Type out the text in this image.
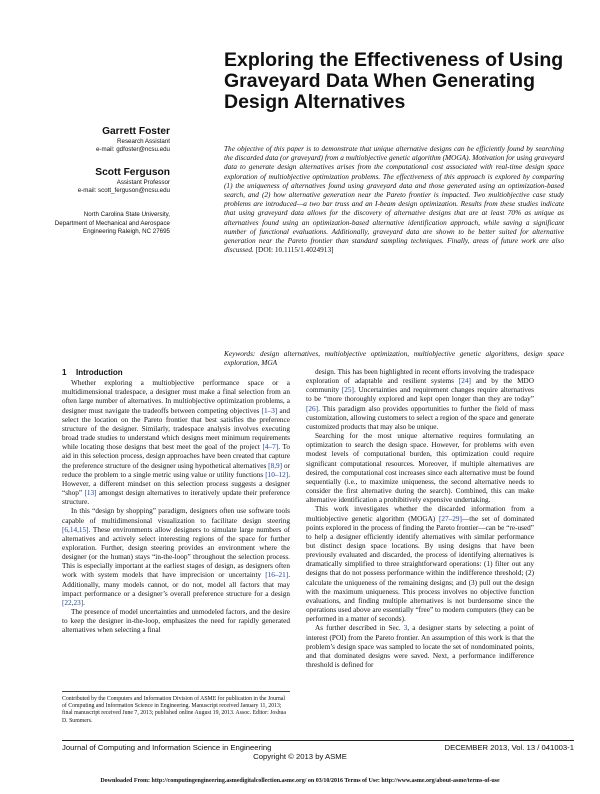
Exploring the Effectiveness of Using Graveyard Data When Generating Design Alternatives
Garrett Foster
Research Assistant
e-mail: gdfoster@ncsu.edu
Scott Ferguson
Assistant Professor
e-mail: scott_ferguson@ncsu.edu
North Carolina State University,
Department of Mechanical and Aerospace
Engineering Raleigh, NC 27695

The objective of this paper is to demonstrate that unique alternative designs can be efficiently found by searching the discarded data (or graveyard) from a multiobjective genetic algorithm (MOGA). Motivation for using graveyard data to generate design alternatives arises from the computational cost associated with real-time design space exploration of multiobjective optimization problems. The effectiveness of this approach is explored by comparing (1) the uniqueness of alternatives found using graveyard data and those generated using an optimization-based search, and (2) how alternative generation near the Pareto frontier is impacted. Two multiobjective case study problems are introduced—a two bar truss and an I-beam design optimization. Results from these studies indicate that using graveyard data allows for the discovery of alternative designs that are at least 70% as unique as alternatives found using an optimization-based alternative identification approach, while saving a significant number of functional evaluations. Additionally, graveyard data are shown to be better suited for alternative generation near the Pareto frontier than standard sampling techniques. Finally, areas of future work are also discussed. [DOI: 10.1115/1.4024913]

Keywords: design alternatives, multiobjective optimization, multiobjective genetic algorithms, design space exploration, MGA

1 Introduction

Whether exploring a multiobjective performance space or a multidimensional tradespace, a designer must make a final selection from an often large number of alternatives. In multiobjective optimization problems, a designer must navigate the tradeoffs between competing objectives [1–3] and select the location on the Pareto frontier that best satisfies the preference structure of the designer. Similarly, tradespace analysis involves executing broad trade studies to understand which designs meet minimum requirements while locating those designs that best meet the goal of the project [4–7]. To aid in this selection process, design approaches have been created that capture the preference structure of the designer using hypothetical alternatives [8,9] or reduce the problem to a single metric using value or utility functions [10–12]. However, a different mindset on this selection process suggests a designer “shop” [13] amongst design alternatives to iteratively update their preference structure.

In this “design by shopping” paradigm, designers often use software tools capable of multidimensional visualization to facilitate design steering [6,14,15]. These environments allow designers to simulate large numbers of alternatives and actively select interesting regions of the space for further exploration. Further, design steering provides an environment where the designer (or the human) stays “in-the-loop” throughout the selection process. This is especially important at the earliest stages of design, as designers often work with system models that have imprecision or uncertainty [16–21]. Additionally, many models cannot, or do not, model all factors that may impact performance or a designer’s overall preference structure for a design [22,23].

The presence of model uncertainties and unmodeled factors, and the desire to keep the designer in-the-loop, emphasizes the need for rapidly generated alternatives when selecting a final

Contributed by the Computers and Information Division of ASME for publication in the Journal of Computing and Information Science in Engineering. Manuscript received January 11, 2013; final manuscript received June 7, 2013; published online August 19, 2013. Assoc. Editor: Joshua D. Summers.

design. This has been highlighted in recent efforts involving the tradespace exploration of adaptable and resilient systems [24] and by the MDO community [25]. Uncertainties and requirement changes require alternatives to be “more thoroughly explored and kept open longer than they are today” [26]. This paradigm also provides opportunities to further the field of mass customization, allowing customers to select a region of the space and generate customized products that may also be unique.

Searching for the most unique alternative requires formulating an optimization to search the design space. However, for problems with even modest levels of computational burden, this optimization could require significant computational resources. Moreover, if multiple alternatives are desired, the computational cost increases since each alternative must be found sequentially (i.e., to maximize uniqueness, the second alternative needs to consider the first alternative during the search). Combined, this can make alternative identification a prohibitively expensive undertaking.

This work investigates whether the discarded information from a multiobjective genetic algorithm (MOGA) [27–29]—the set of dominated points explored in the process of finding the Pareto frontier—can be “re-used” to help a designer efficiently identify alternatives with similar performance but distinct design space locations. By using designs that have been previously evaluated and discarded, the process of identifying alternatives is dramatically simplified to three straightforward operations: (1) filter out any designs that do not possess performance within the indifference threshold; (2) calculate the uniqueness of the remaining designs; and (3) pull out the design with the maximum uniqueness. This process involves no objective function evaluations, and finding multiple alternatives is not burdensome since the operations used above are essentially “free” to modern computers (they can be performed in a matter of seconds).

As further described in Sec. 3, a designer starts by selecting a point of interest (POI) from the Pareto frontier. An assumption of this work is that the problem’s design space was sampled to locate the set of nondominated points, and that dominated designs were saved. Next, a performance indifference threshold is defined for

Journal of Computing and Information Science in Engineering	DECEMBER 2013, Vol. 13 / 041003-1
Copyright © 2013 by ASME
Downloaded From: http://computingengineering.asmedigitalcollection.asme.org/ on 03/10/2016 Terms of Use: http://www.asme.org/about-asme/terms-of-use
